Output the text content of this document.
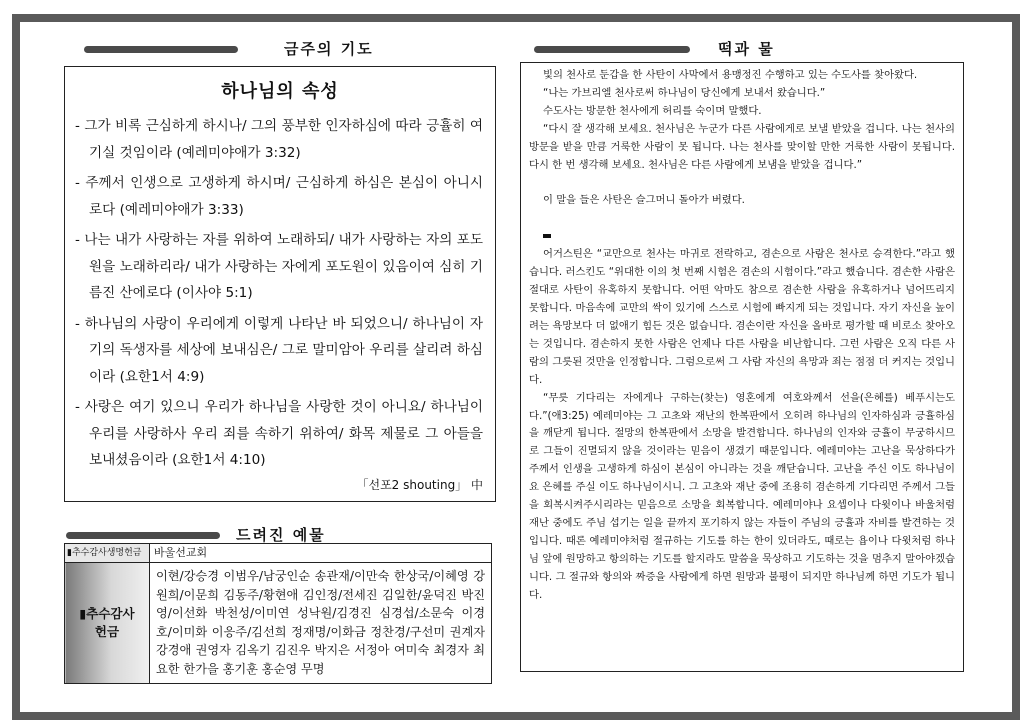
금주의 기도	떡과 물
하나님의 속성
- 그가 비록 근심하게 하시나/ 그의 풍부한 인자하심에 따라 긍휼히 여기실 것임이라 (예레미야애가 3:32)
- 주께서 인생으로 고생하게 하시며/ 근심하게 하심은 본심이 아니시로다 (예레미야애가 3:33)
- 나는 내가 사랑하는 자를 위하여 노래하되/ 내가 사랑하는 자의 포도원을 노래하리라/ 내가 사랑하는 자에게 포도원이 있음이여 심히 기름진 산에로다 (이사야 5:1)
- 하나님의 사랑이 우리에게 이렇게 나타난 바 되었으니/ 하나님이 자기의 독생자를 세상에 보내심은/ 그로 말미암아 우리를 살리려 하심이라 (요한1서 4:9)
- 사랑은 여기 있으니 우리가 하나님을 사랑한 것이 아니요/ 하나님이 우리를 사랑하사 우리 죄를 속하기 위하여/ 화목 제물로 그 아들을 보내셨음이라 (요한1서 4:10)
「선포2 shouting」 中
드려진 예물
▮추수감사생명헌금	바울선교회

▮추수감사
헌금	이현/강승경 이범우/남궁인순 송관재/이만숙 한상국/이혜영 강원희/이문희 김동주/황현애 김인정/전세진 김일한/윤덕진 박진영/이선화 박천성/이미연 성낙원/김경진 심경섭/소문숙 이경호/이미화 이응주/김선희 정재명/이화금 정찬경/구선미 권계자 강경애 권영자 김옥기 김진우 박지은 서정아 여미숙 최경자 최요한 한가을 홍기훈 홍순영 무명

빛의 천사로 둔갑을 한 사탄이 사막에서 용맹정진 수행하고 있는 수도사를 찾아왔다.

“나는 가브리엘 천사로써 하나님이 당신에게 보내서 왔습니다.”

수도사는 방문한 천사에게 허리를 숙이며 말했다.

“다시 잘 생각해 보세요. 천사님은 누군가 다른 사람에게로 보낼 받았을 겁니다. 나는 천사의 방문을 받을 만큼 거룩한 사람이 못 됩니다. 나는 천사를 맞이할 만한 거룩한 사람이 못됩니다. 다시 한 번 생각해 보세요. 천사님은 다른 사람에게 보냄을 받았을 겁니다.”

이 말을 들은 사탄은 슬그머니 돌아가 버렸다.

어거스틴은 “교만으로 천사는 마귀로 전락하고, 겸손으로 사람은 천사로 승격한다.”라고 했습니다. 러스킨도 “위대한 이의 첫 번째 시험은 겸손의 시험이다.”라고 했습니다. 겸손한 사람은 절대로 사탄이 유혹하지 못합니다. 어떤 악마도 참으로 겸손한 사람을 유혹하거나 넘어뜨리지 못합니다. 마음속에 교만의 싹이 있기에 스스로 시험에 빠지게 되는 것입니다. 자기 자신을 높이려는 욕망보다 더 없애기 힘든 것은 없습니다. 겸손이란 자신을 올바로 평가할 때 비로소 찾아오는 것입니다. 겸손하지 못한 사람은 언제나 다른 사람을 비난합니다. 그런 사람은 오직 다른 사람의 그릇된 것만을 인정합니다. 그럼으로써 그 사람 자신의 욕망과 죄는 점점 더 커지는 것입니다.

“무릇 기다리는 자에게나 구하는(찾는) 영혼에게 여호와께서 선을(은혜를) 베푸시는도다.”(애3:25) 예레미야는 그 고초와 재난의 한복판에서 오히려 하나님의 인자하심과 긍휼하심을 깨닫게 됩니다. 절망의 한복판에서 소망을 발견합니다. 하나님의 인자와 긍휼이 무궁하시므로 그들이 진멸되지 않을 것이라는 믿음이 생겼기 때문입니다. 예레미야는 고난을 묵상하다가 주께서 인생을 고생하게 하심이 본심이 아니라는 것을 깨닫습니다. 고난을 주신 이도 하나님이요 은혜를 주실 이도 하나님이시니. 그 고초와 재난 중에 조용히 겸손하게 기다리면 주께서 그들을 회복시켜주시리라는 믿음으로 소망을 회복합니다. 예레미야나 요셉이나 다윗이나 바울처럼 재난 중에도 주님 섭기는 일을 끝까지 포기하지 않는 자들이 주님의 긍휼과 자비를 발견하는 것입니다. 때론 예레미야처럼 절규하는 기도를 하는 한이 있더라도, 때로는 욥이나 다윗처럼 하나님 앞에 원망하고 항의하는 기도를 할지라도 말씀을 묵상하고 기도하는 것을 멈추지 말아야겠습니다. 그 절규와 항의와 짜증을 사람에게 하면 원망과 불평이 되지만 하나님께 하면 기도가 됩니다.
